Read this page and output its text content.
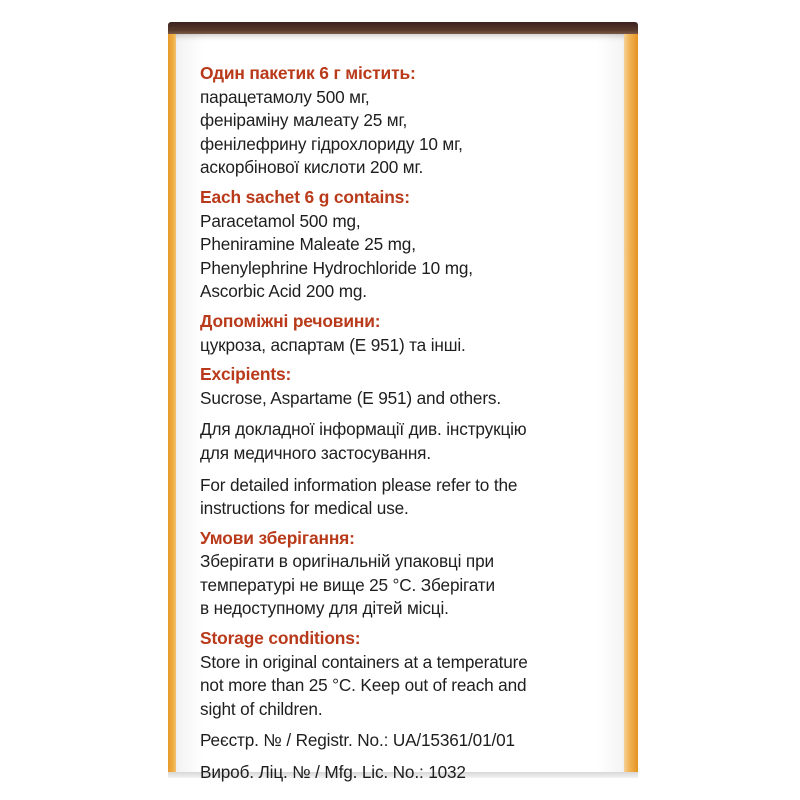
Один пакетик 6 г містить:

парацетамолу 500 мг,

феніраміну малеату 25 мг,

фенілефрину гідрохлориду 10 мг,

аскорбінової кислоти 200 мг.

Each sachet 6 g contains:

Paracetamol 500 mg,

Pheniramine Maleate 25 mg,

Phenylephrine Hydrochloride 10 mg,

Ascorbic Acid 200 mg.

Допоміжні речовини:

цукроза, аспартам (Е 951) та інші.

Excipients:

Sucrose, Aspartame (E 951) and others.

Для докладної інформації див. інструкцію

для медичного застосування.

For detailed information please refer to the

instructions for medical use.

Умови зберігання:

Зберігати в оригінальній упаковці при

температурі не вище 25 °С. Зберігати

в недоступному для дітей місці.

Storage conditions:

Store in original containers at a temperature

not more than 25 °C. Keep out of reach and

sight of children.

Реєстр. № / Registr. No.: UA/15361/01/01

Вироб. Ліц. № / Mfg. Lic. No.: 1032
